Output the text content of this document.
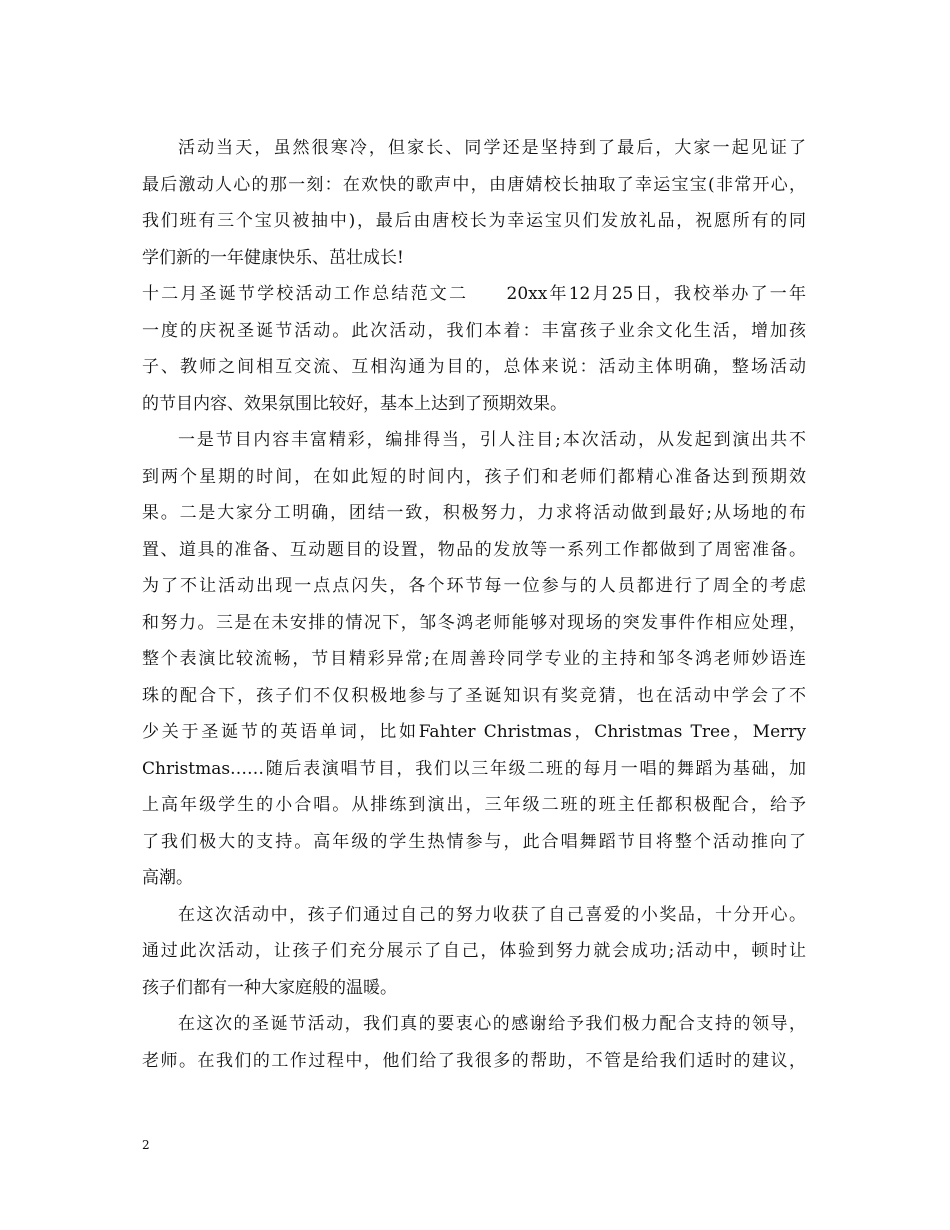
活动当天，虽然很寒冷，但家长、同学还是坚持到了最后，大家一起见证了
最后激动人心的那一刻：在欢快的歌声中，由唐婧校长抽取了幸运宝宝(非常开心，
我们班有三个宝贝被抽中)，最后由唐校长为幸运宝贝们发放礼品，祝愿所有的同
学们新的一年健康快乐、茁壮成长!
十二月圣诞节学校活动工作总结范文二　　20xx年12月25日，我校举办了一年
一度的庆祝圣诞节活动。此次活动，我们本着：丰富孩子业余文化生活，增加孩
子、教师之间相互交流、互相沟通为目的，总体来说：活动主体明确，整场活动
的节目内容、效果氛围比较好，基本上达到了预期效果。
一是节目内容丰富精彩，编排得当，引人注目;本次活动，从发起到演出共不
到两个星期的时间，在如此短的时间内，孩子们和老师们都精心准备达到预期效
果。二是大家分工明确，团结一致，积极努力，力求将活动做到最好;从场地的布
置、道具的准备、互动题目的设置，物品的发放等一系列工作都做到了周密准备。
为了不让活动出现一点点闪失，各个环节每一位参与的人员都进行了周全的考虑
和努力。三是在未安排的情况下，邹冬鸿老师能够对现场的突发事件作相应处理，
整个表演比较流畅，节目精彩异常;在周善玲同学专业的主持和邹冬鸿老师妙语连
珠的配合下，孩子们不仅积极地参与了圣诞知识有奖竞猜，也在活动中学会了不
少关于圣诞节的英语单词，比如Fahter Christmas，Christmas Tree，Merry
Christmas……随后表演唱节目，我们以三年级二班的每月一唱的舞蹈为基础，加
上高年级学生的小合唱。从排练到演出，三年级二班的班主任都积极配合，给予
了我们极大的支持。高年级的学生热情参与，此合唱舞蹈节目将整个活动推向了
高潮。
在这次活动中，孩子们通过自己的努力收获了自己喜爱的小奖品，十分开心。
通过此次活动，让孩子们充分展示了自己，体验到努力就会成功;活动中，顿时让
孩子们都有一种大家庭般的温暖。
在这次的圣诞节活动，我们真的要衷心的感谢给予我们极力配合支持的领导，
老师。在我们的工作过程中，他们给了我很多的帮助，不管是给我们适时的建议，
2
